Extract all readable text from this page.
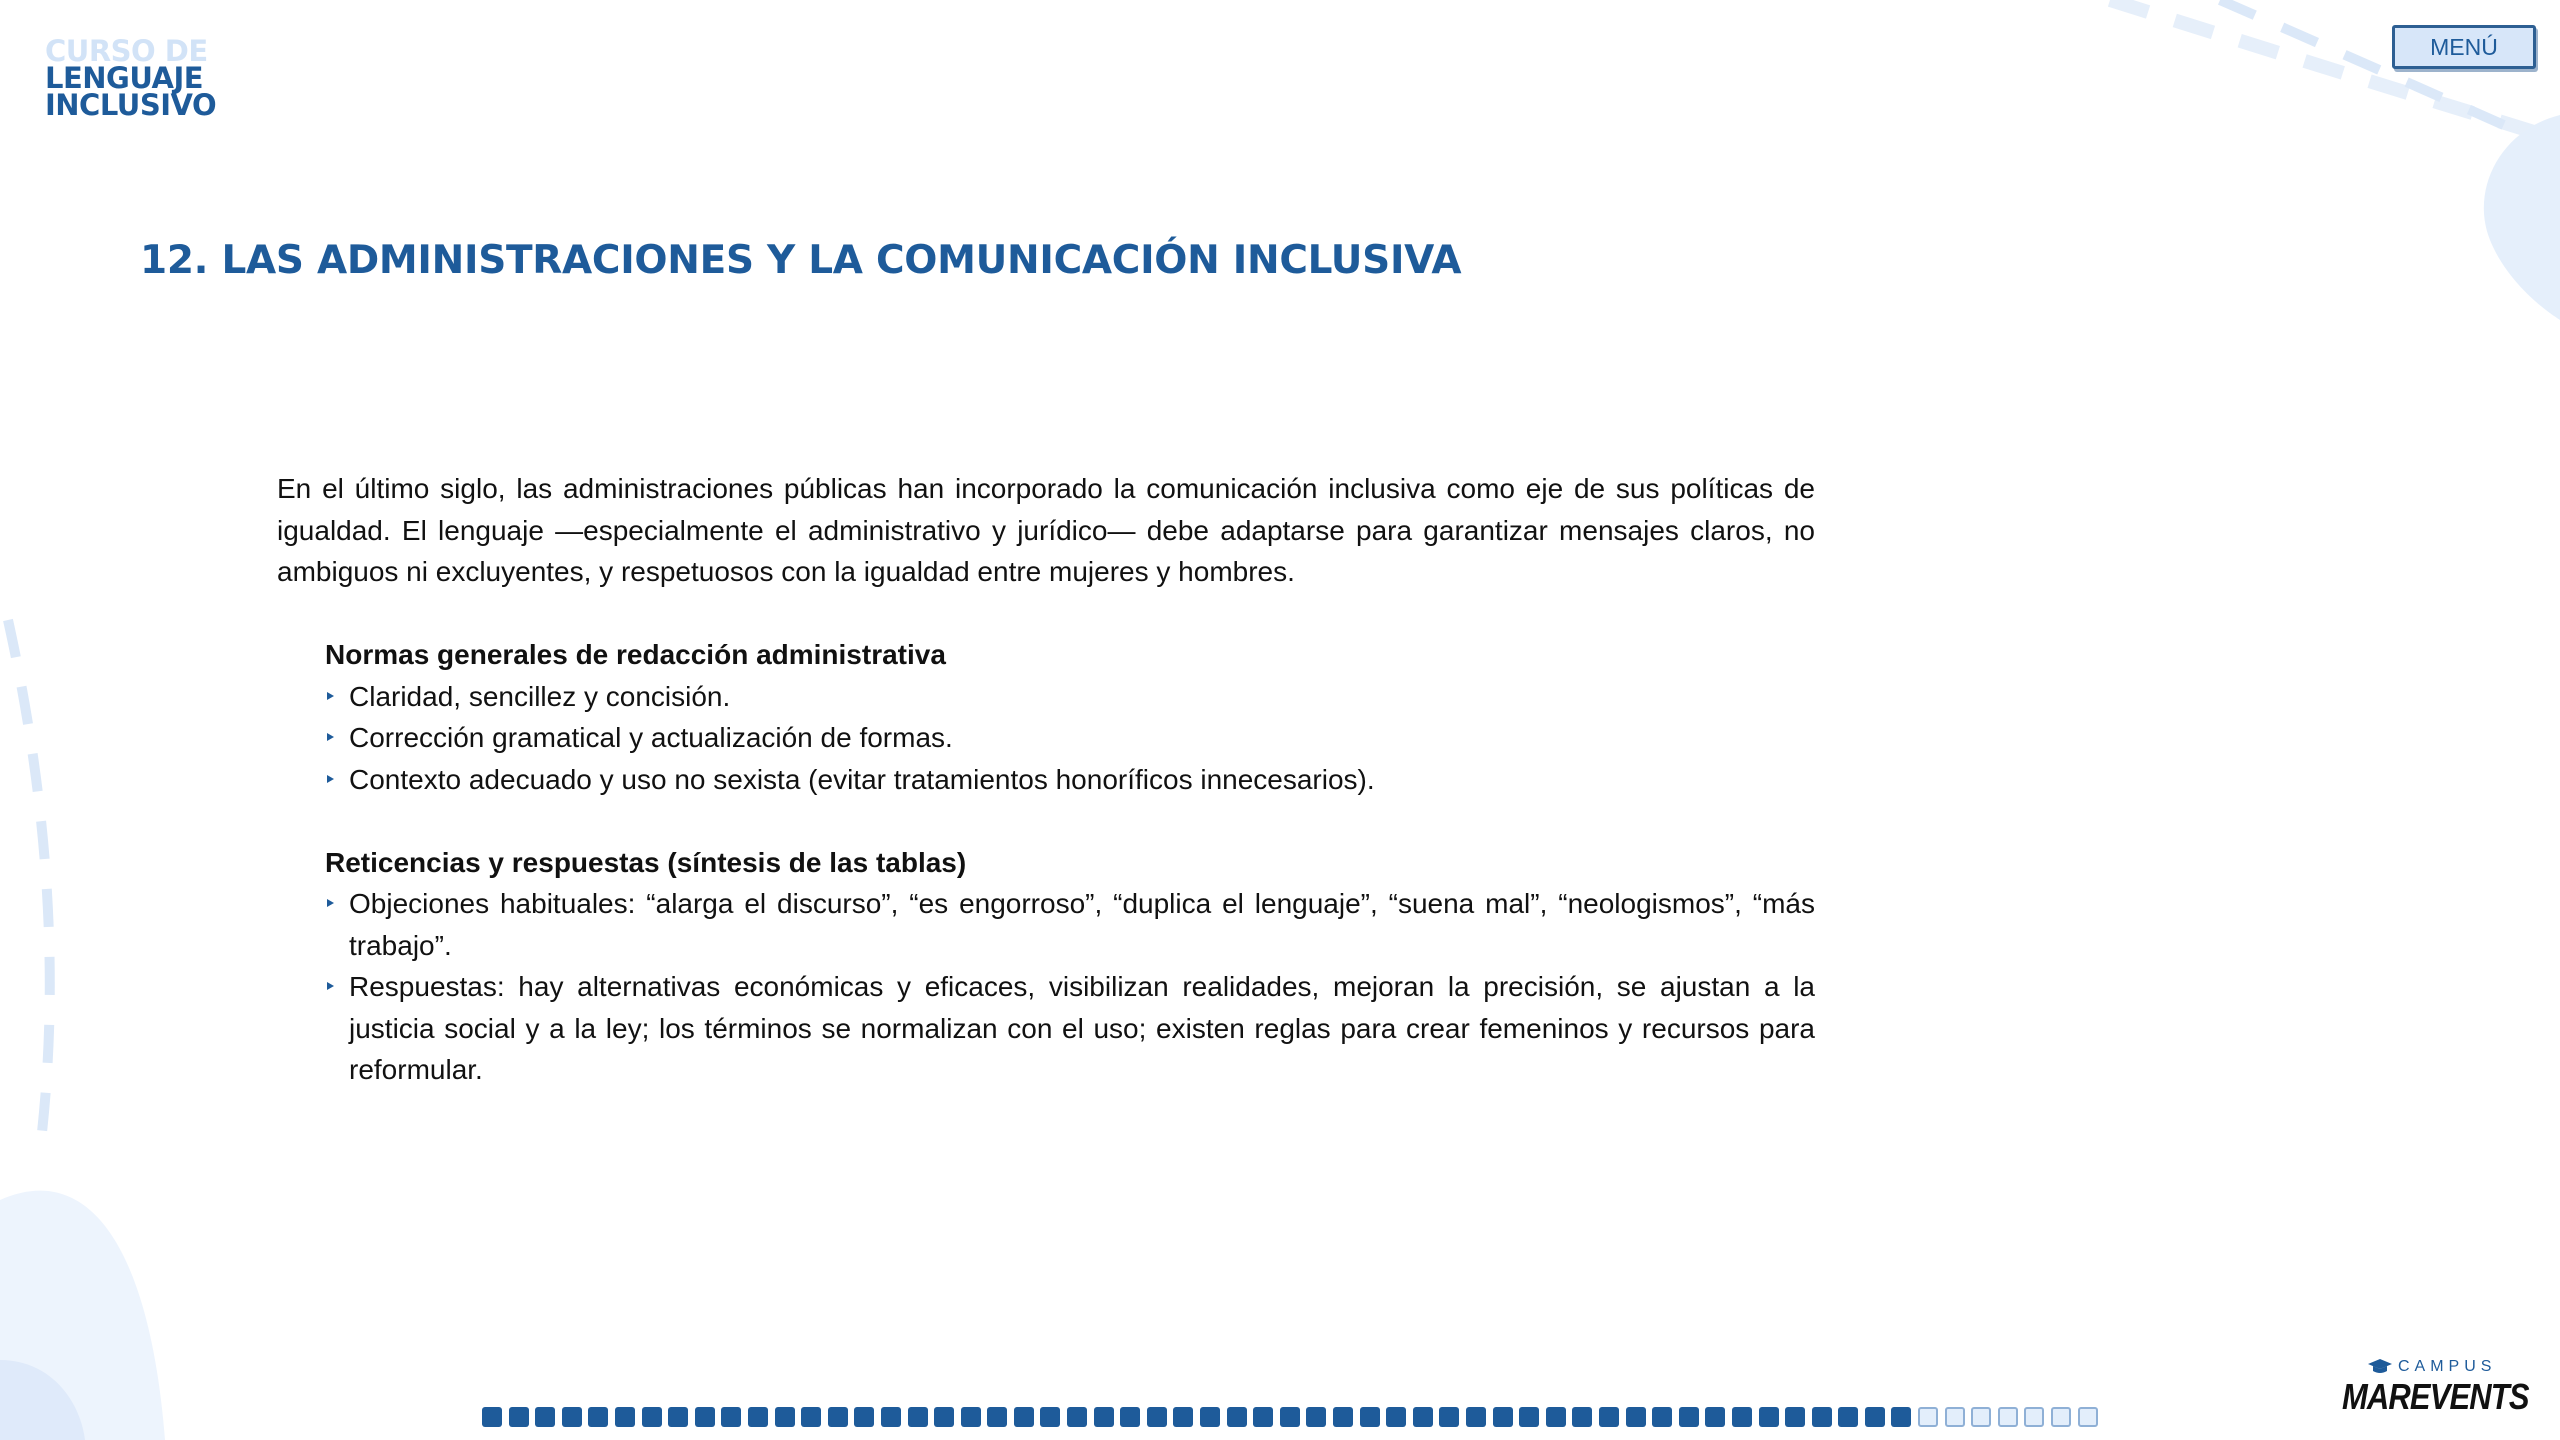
CURSO DE
LENGUAJE
INCLUSIVO
MENÚ
12. LAS ADMINISTRACIONES Y LA COMUNICACIÓN INCLUSIVA

En el último siglo, las administraciones públicas han incorporado la comunicación inclusiva como eje de sus políticas de igualdad. El lenguaje —especialmente el administrativo y jurídico— debe adaptarse para garantizar mensajes claros, no ambiguos ni excluyentes, y respetuosos con la igualdad entre mujeres y hombres.

Normas generales de redacción administrativa

Claridad, sencillez y concisión.
Corrección gramatical y actualización de formas.
Contexto adecuado y uso no sexista (evitar tratamientos honoríficos innecesarios).

Reticencias y respuestas (síntesis de las tablas)

Objeciones habituales: “alarga el discurso”, “es engorroso”, “duplica el lenguaje”, “suena mal”, “neologismos”, “más trabajo”.
Respuestas: hay alternativas económicas y eficaces, visibilizan realidades, mejoran la precisión, se ajustan a la justicia social y a la ley; los términos se normalizan con el uso; existen reglas para crear femeninos y recursos para reformular.
CAMPUS
MAREVENTS
